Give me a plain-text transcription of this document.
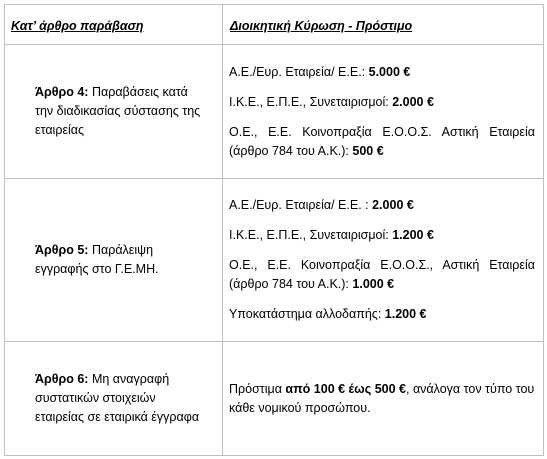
Κατ’ άρθρο παράβαση	Διοικητική Κύρωση - Πρόστιμο

Άρθρο 4: Παραβάσεις κατά την διαδικασίας σύστασης της εταιρείας	Α.Ε./Ευρ. Εταιρεία/ Ε.Ε.: 5.000 €

Ι.Κ.Ε., Ε.Π.Ε., Συνεταιρισμοί: 2.000 €

Ο.Ε., Ε.Ε. Κοινοπραξία Ε.Ο.Ο.Σ. Αστική Εταιρεία (άρθρο 784 του Α.Κ.): 500 €

Άρθρο 5: Παράλειψη εγγραφής στο Γ.Ε.ΜΗ.	Α.Ε./Ευρ. Εταιρεία/ Ε.Ε. : 2.000 €

Ι.Κ.Ε., Ε.Π.Ε., Συνεταιρισμοί: 1.200 €

Ο.Ε., Ε.Ε. Κοινοπραξία Ε.Ο.Ο.Σ., Αστική Εταιρεία (άρθρο 784 του Α.Κ.): 1.000 €

Υποκατάστημα αλλοδαπής: 1.200 €

Άρθρο 6: Μη αναγραφή συστατικών στοιχειών εταιρείας σε εταιρικά έγγραφα	Πρόστιμα από 100 € έως 500 €, ανάλογα τον τύπο του κάθε νομικού προσώπου.
